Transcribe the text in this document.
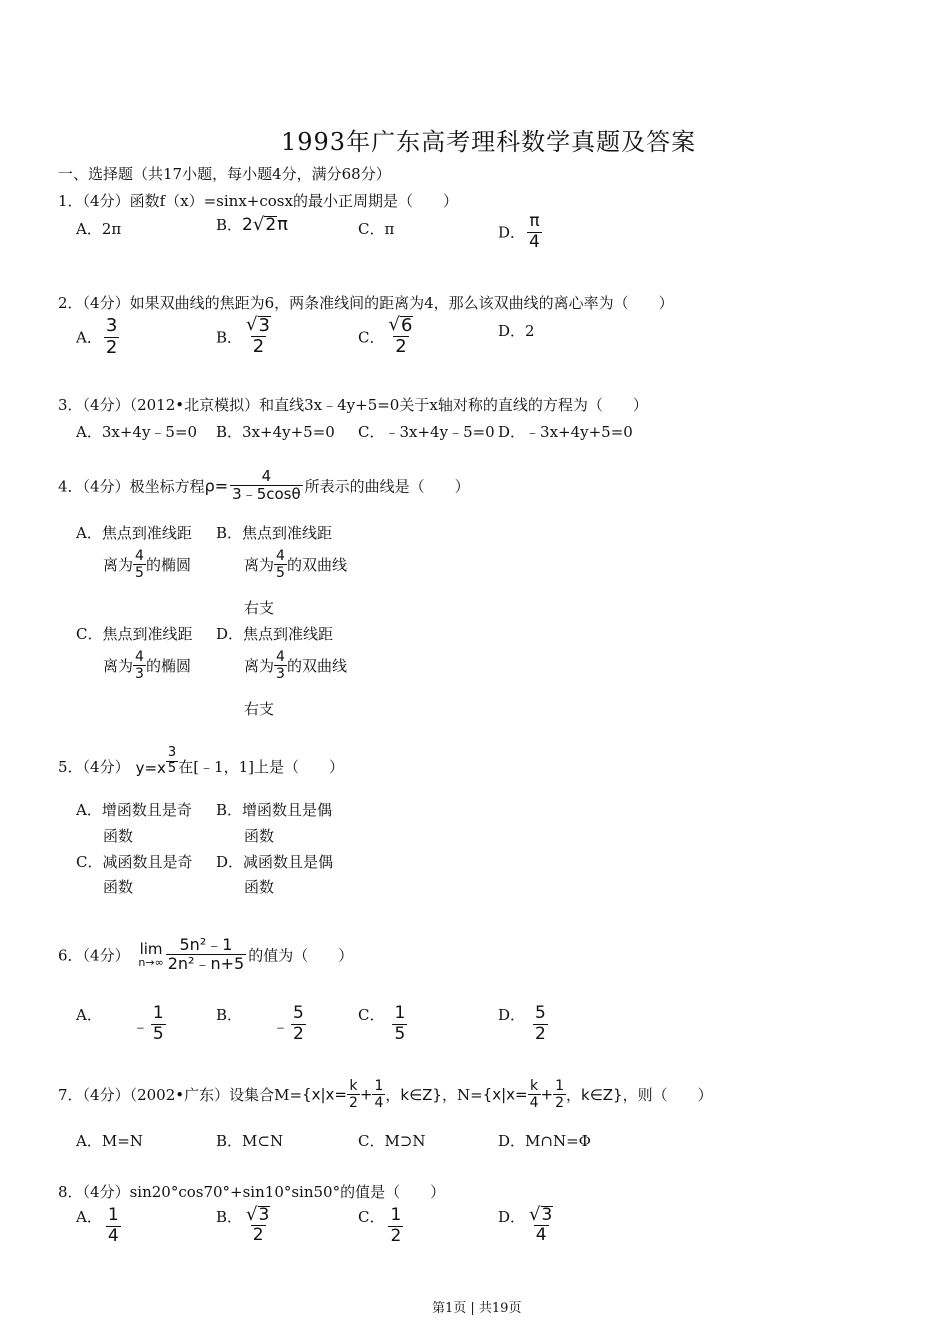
1993年广东高考理科数学真题及答案
一、选择题（共17小题，每小题4分，满分68分）
1．（4分）函数f（x）=sinx+cosx的最小正周期是（　　）
A．2π	B．2 √ 2 π	C．π	D． $\frac{\pi}{4}$
2．（4分）如果双曲线的焦距为6，两条准线间的距离为4，那么该双曲线的离心率为（　　）
A． $\frac{3}{2}$	B． $\frac{√ 3}{2}$	C． $\frac{√ 6}{2}$	D．2
3．（4分）（2012•北京模拟）和直线3x﹣4y+5=0关于x轴对称的直线的方程为（　　）
A．3x+4y﹣5=0 B．3x+4y+5=0 C．﹣3x+4y﹣5=0 D．﹣3x+4y+5=0
4．（4分）极坐标方程$\rho= \frac{4}{3﹣5\cos\theta}$ 所表示的曲线是（　　）
A．焦点到准线距
离为 $\frac{4}{5}$ 的椭圆
B．焦点到准线距
离为 $\frac{4}{5}$ 的双曲线
右支
C．焦点到准线距
离为 $\frac{4}{3}$ 的椭圆
D．焦点到准线距
离为 $\frac{4}{3}$ 的双曲线
右支
5．（4分） $y=x \frac{3}{5}$ 在[﹣1，1]上是（　　）
A．增函数且是奇
函数
B．增函数且是偶
函数
C．减函数且是奇
函数
D．减函数且是偶
函数
6．（4分） lim
$n\to\infty \frac{\text{5n²﹣1}}{\text{2n²﹣n+5}}$ 的值为（　　）
A．﹣ $\frac{1}{5}$	B．﹣ $\frac{5}{2}$	C． $\frac{1}{5}$	D． $\frac{5}{2}$
7．（4分）（2002•广东）设集合$M=\{x|x= \frac{k}{2} + \frac{1}{4}$ ，k∈Z}，$N=\{x|x= \frac{k}{4} + \frac{1}{2}$ ，k∈Z}，则（　　）
A．M=N	B．M⊂N	C．M⊃N	D．M∩N=Φ
8．（4分）sin20°cos70°+sin10°sin50°的值是（　　）
A． $\frac{1}{4}$	B． $\frac{√ 3}{2}$	C． $\frac{1}{2}$	D． $\frac{√ 3}{4}$
第1页 | 共19页
